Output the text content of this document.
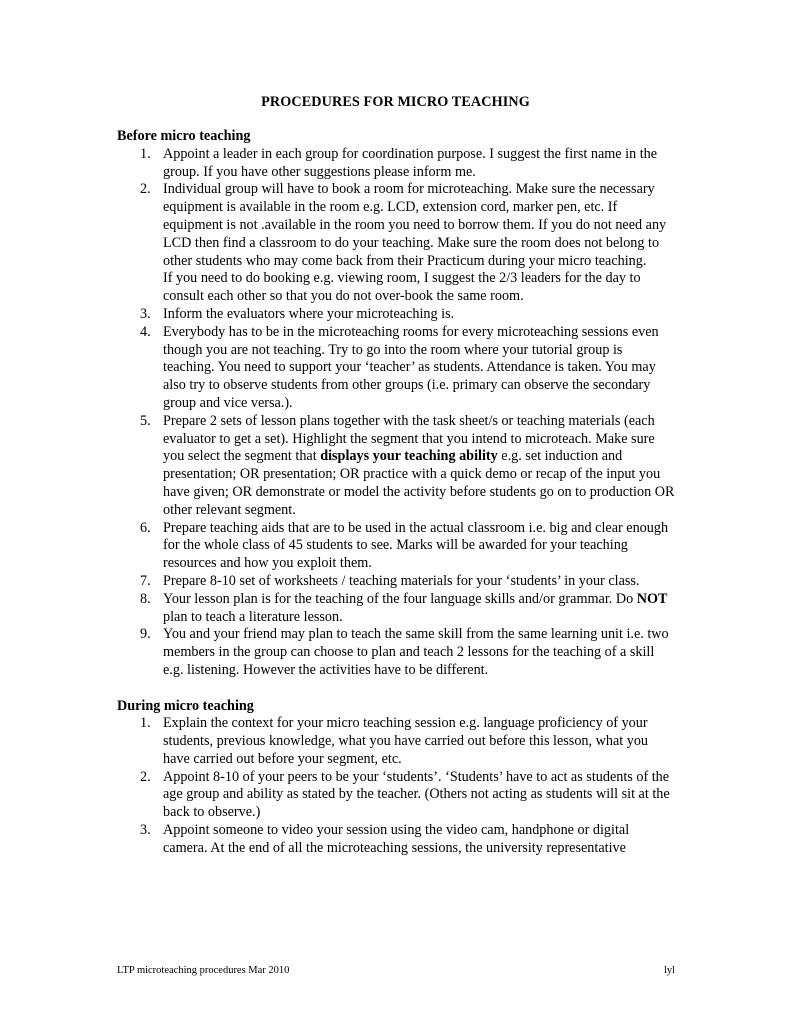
PROCEDURES FOR MICRO TEACHING
Before micro teaching
1. Appoint a leader in each group for coordination purpose. I suggest the first name in the group. If you have other suggestions please inform me.
2. Individual group will have to book a room for microteaching. Make sure the necessary equipment is available in the room e.g. LCD, extension cord, marker pen, etc. If equipment is not .available in the room you need to borrow them. If you do not need any LCD then find a classroom to do your teaching. Make sure the room does not belong to other students who may come back from their Practicum during your micro teaching.
If you need to do booking e.g. viewing room, I suggest the 2/3 leaders for the day to consult each other so that you do not over-book the same room.
3. Inform the evaluators where your microteaching is.
4. Everybody has to be in the microteaching rooms for every microteaching sessions even though you are not teaching. Try to go into the room where your tutorial group is teaching. You need to support your ‘teacher’ as students. Attendance is taken. You may also try to observe students from other groups (i.e. primary can observe the secondary group and vice versa.).
5. Prepare 2 sets of lesson plans together with the task sheet/s or teaching materials (each evaluator to get a set). Highlight the segment that you intend to microteach. Make sure you select the segment that displays your teaching ability e.g. set induction and presentation; OR presentation; OR practice with a quick demo or recap of the input you have given; OR demonstrate or model the activity before students go on to production OR other relevant segment.
6. Prepare teaching aids that are to be used in the actual classroom i.e. big and clear enough for the whole class of 45 students to see. Marks will be awarded for your teaching resources and how you exploit them.
7. Prepare 8-10 set of worksheets / teaching materials for your ‘students’ in your class.
8. Your lesson plan is for the teaching of the four language skills and/or grammar. Do NOT plan to teach a literature lesson.
9. You and your friend may plan to teach the same skill from the same learning unit i.e. two members in the group can choose to plan and teach 2 lessons for the teaching of a skill e.g. listening. However the activities have to be different.
During micro teaching
1. Explain the context for your micro teaching session e.g. language proficiency of your students, previous knowledge, what you have carried out before this lesson, what you have carried out before your segment, etc.
2. Appoint 8-10 of your peers to be your ‘students’. ‘Students’ have to act as students of the age group and ability as stated by the teacher. (Others not acting as students will sit at the back to observe.)
3. Appoint someone to video your session using the video cam, handphone or digital camera. At the end of all the microteaching sessions, the university representative
LTP microteaching procedures Mar 2010	lyl
